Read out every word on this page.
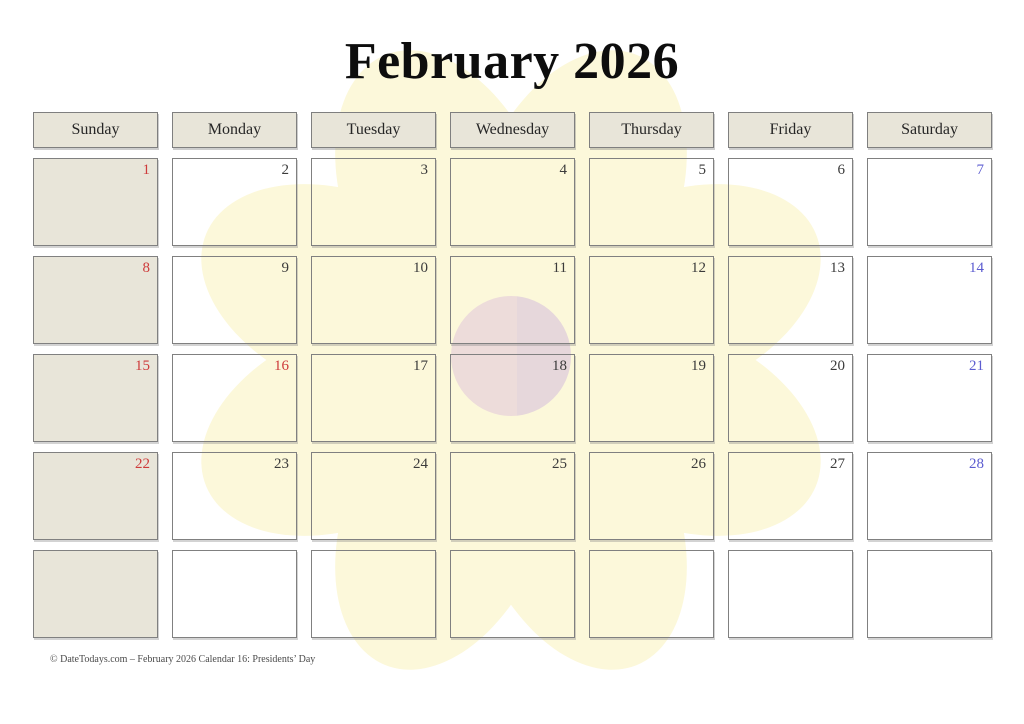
February 2026
Sunday	Monday	Tuesday	Wednesday	Thursday	Friday	Saturday
1	2	3	4	5	6	7
8	9	10	11	12	13	14
15	16	17	18	19	20	21
22	23	24	25	26	27	28
© DateTodays.com – February 2026 Calendar 16: Presidents’ Day
